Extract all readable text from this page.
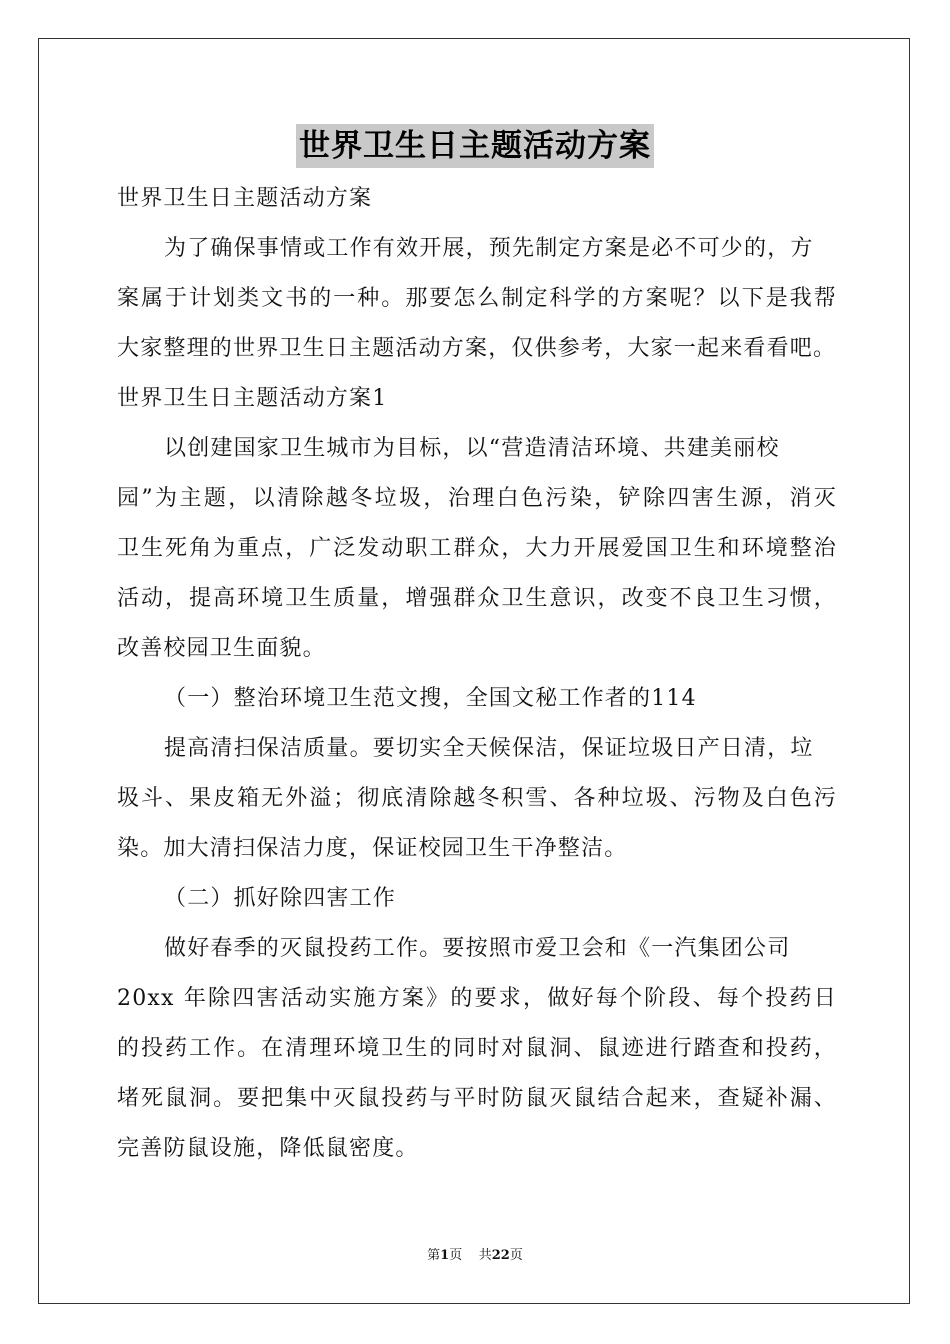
世界卫生日主题活动方案
世界卫生日主题活动方案
为了确保事情或工作有效开展，预先制定方案是必不可少的，方
案属于计划类文书的一种。那要怎么制定科学的方案呢？以下是我帮
大家整理的世界卫生日主题活动方案，仅供参考，大家一起来看看吧。
世界卫生日主题活动方案1
以创建国家卫生城市为目标，以“营造清洁环境、共建美丽校
园”为主题，以清除越冬垃圾，治理白色污染，铲除四害生源，消灭
卫生死角为重点，广泛发动职工群众，大力开展爱国卫生和环境整治
活动，提高环境卫生质量，增强群众卫生意识，改变不良卫生习惯，
改善校园卫生面貌。
（一）整治环境卫生范文搜，全国文秘工作者的114
提高清扫保洁质量。要切实全天候保洁，保证垃圾日产日清，垃
圾斗、果皮箱无外溢；彻底清除越冬积雪、各种垃圾、污物及白色污
染。加大清扫保洁力度，保证校园卫生干净整洁。
（二）抓好除四害工作
做好春季的灭鼠投药工作。要按照市爱卫会和《一汽集团公司
20xx 年除四害活动实施方案》的要求，做好每个阶段、每个投药日
的投药工作。在清理环境卫生的同时对鼠洞、鼠迹进行踏查和投药，
堵死鼠洞。要把集中灭鼠投药与平时防鼠灭鼠结合起来，查疑补漏、
完善防鼠设施，降低鼠密度。
第1页 共22页
